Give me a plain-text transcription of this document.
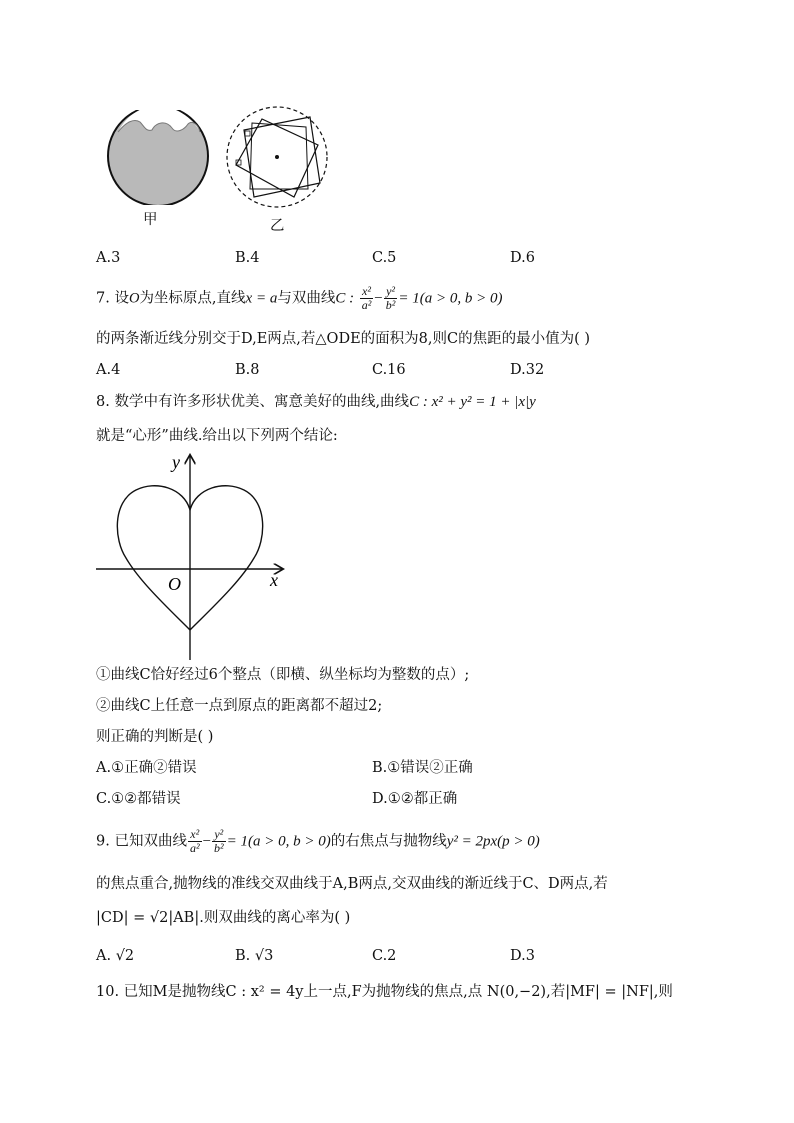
甲	乙
A.3	B.4	C.5	D.6
7. 设O为坐标原点,直线x = a与双曲线C : $\frac{\text{x²}}{\text{a²}} - \frac{\text{y²}}{\text{b²}} = 1(a > 0$, b > 0)
的两条渐近线分别交于D,E两点,若△ODE的面积为8,则C的焦距的最小值为( )
A.4	B.8	C.16	D.32
8. 数学中有许多形状优美、寓意美好的曲线,曲线C : x² + y² = 1 + |x|y
就是“心形”曲线.给出以下列两个结论:
y
x
O
①曲线C恰好经过6个整点（即横、纵坐标均为整数的点）;
②曲线C上任意一点到原点的距离都不超过2;
则正确的判断是( )
A.①正确②错误	B.①错误②正确
C.①②都错误	D.①②都正确
9. 已知双曲线 $\frac{\text{x²}}{\text{a²}} - \frac{\text{y²}}{\text{b²}} = 1(a > 0$, b > 0)的右焦点与抛物线y² = 2px(p > 0)
的焦点重合,抛物线的准线交双曲线于A,B两点,交双曲线的渐近线于C、D两点,若
|CD| = √2|AB|.则双曲线的离心率为( )
A. √2	B. √3	C.2	D.3
10. 已知M是抛物线C : x² = 4y上一点,F为抛物线的焦点,点 N(0,−2),若|MF| = |NF|,则
